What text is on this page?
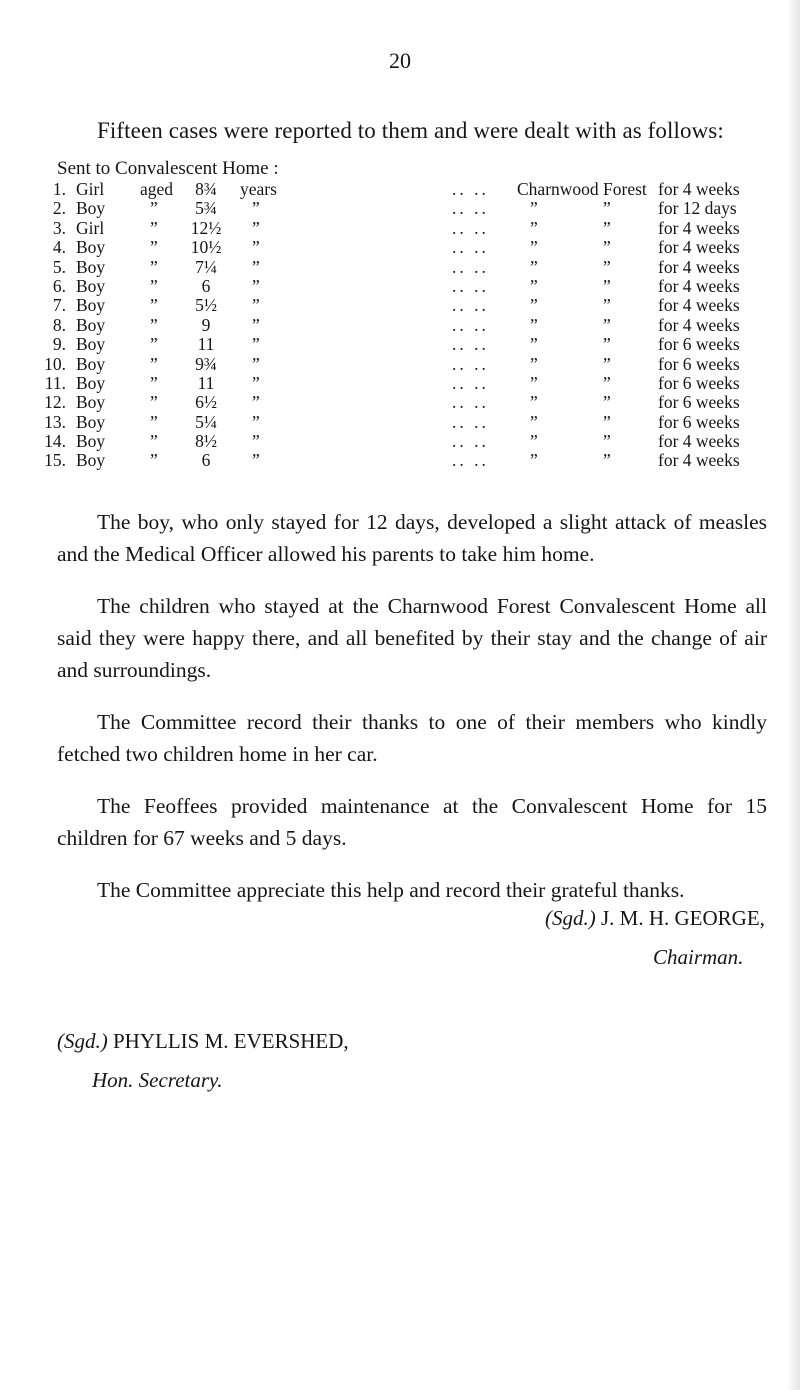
20
Fifteen cases were reported to them and were dealt with as follows:
Sent to Convalescent Home :
1. Girl aged	8¾	years	.. .. Charnwood Forest for 4 weeks
2. Boy	”	5¾	”	.. .. ”	”	for 12 days
3. Girl	”	12½	”	.. .. ”	”	for 4 weeks
4. Boy	”	10½	”	.. .. ”	”	for 4 weeks
5. Boy	”	7¼	”	.. .. ”	”	for 4 weeks
6. Boy	”	6	”	.. .. ”	”	for 4 weeks
7. Boy	”	5½	”	.. .. ”	”	for 4 weeks
8. Boy	”	9	”	.. .. ”	”	for 4 weeks
9. Boy	”	11	”	.. .. ”	”	for 6 weeks
10. Boy	”	9¾	”	.. .. ”	”	for 6 weeks
11. Boy	”	11	”	.. .. ”	”	for 6 weeks
12. Boy	”	6½	”	.. .. ”	”	for 6 weeks
13. Boy	”	5¼	”	.. .. ”	”	for 6 weeks
14. Boy	”	8½	”	.. .. ”	”	for 4 weeks
15. Boy	”	6	”	.. .. ”	”	for 4 weeks

The boy, who only stayed for 12 days, developed a slight attack of measles and the Medical Officer allowed his parents to take him home.

The children who stayed at the Charnwood Forest Convalescent Home all said they were happy there, and all benefited by their stay and the change of air and surroundings.

The Committee record their thanks to one of their members who kindly fetched two children home in her car.

The Feoffees provided maintenance at the Convalescent Home for 15 children for 67 weeks and 5 days.

The Committee appreciate this help and record their grateful thanks.

(Sgd.) J. M. H. GEORGE,
Chairman.
(Sgd.) PHYLLIS M. EVERSHED,
Hon. Secretary.
